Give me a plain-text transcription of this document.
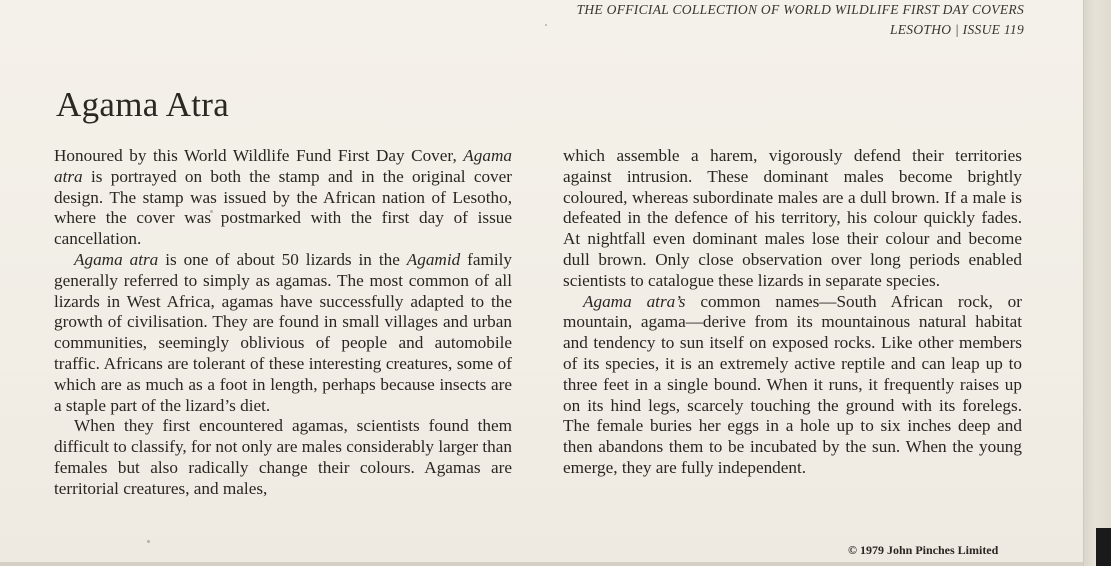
THE OFFICIAL COLLECTION OF WORLD WILDLIFE FIRST DAY COVERS
LESOTHO | ISSUE 119
Agama Atra

Honoured by this World Wildlife Fund First Day Cover, Agama atra is portrayed on both the stamp and in the original cover design. The stamp was issued by the African nation of Lesotho, where the cover was postmarked with the first day of issue cancellation.

Agama atra is one of about 50 lizards in the Agamid family generally referred to simply as agamas. The most common of all lizards in West Africa, agamas have successfully adapted to the growth of civilisation. They are found in small villages and urban communities, seemingly oblivious of people and automobile traffic. Africans are tolerant of these interesting creatures, some of which are as much as a foot in length, perhaps because insects are a staple part of the lizard’s diet.

When they first encountered agamas, scientists found them difficult to classify, for not only are males considerably larger than females but also radically change their colours. Agamas are territorial creatures, and males,

which assemble a harem, vigorously defend their territories against intrusion. These dominant males become brightly coloured, whereas subordinate males are a dull brown. If a male is defeated in the defence of his territory, his colour quickly fades. At nightfall even dominant males lose their colour and become dull brown. Only close observation over long periods enabled scientists to catalogue these lizards in separate species.

Agama atra’s common names—South African rock, or mountain, agama—derive from its mountainous natural habitat and tendency to sun itself on exposed rocks. Like other members of its species, it is an extremely active reptile and can leap up to three feet in a single bound. When it runs, it frequently raises up on its hind legs, scarcely touching the ground with its forelegs. The female buries her eggs in a hole up to six inches deep and then abandons them to be incubated by the sun. When the young emerge, they are fully independent.

© 1979 John Pinches Limited
